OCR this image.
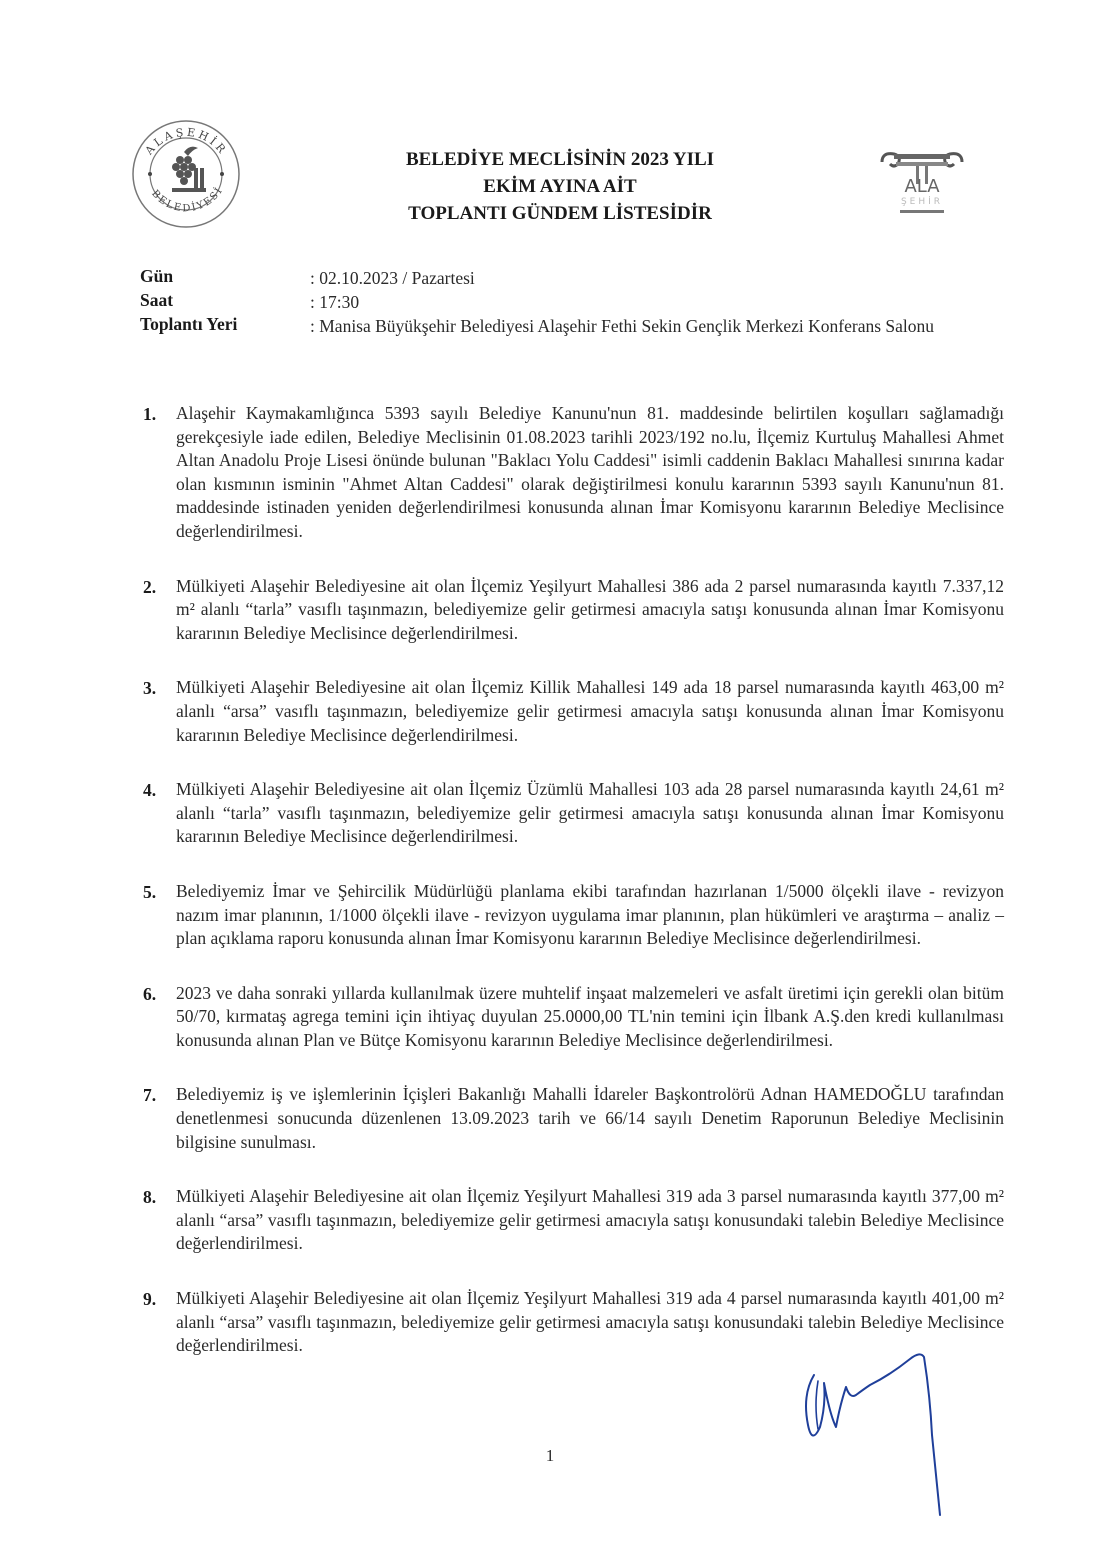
ALAŞEHİR
BELEDİYESİ	ALA
ŞEHİR
BELEDİYE MECLİSİNİN 2023 YILI
EKİM AYINA AİT
TOPLANTI GÜNDEM LİSTESİDİR
Gün	: 02.10.2023 / Pazartesi
Saat	: 17:30
Toplantı Yeri	: Manisa Büyükşehir Belediyesi Alaşehir Fethi Sekin Gençlik Merkezi Konferans Salonu
1. Alaşehir Kaymakamlığınca 5393 sayılı Belediye Kanunu'nun 81. maddesinde belirtilen koşulları sağlamadığı gerekçesiyle iade edilen, Belediye Meclisinin 01.08.2023 tarihli 2023/192 no.lu, İlçemiz Kurtuluş Mahallesi Ahmet Altan Anadolu Proje Lisesi önünde bulunan "Baklacı Yolu Caddesi" isimli caddenin Baklacı Mahallesi sınırına kadar olan kısmının isminin "Ahmet Altan Caddesi" olarak değiştirilmesi konulu kararının 5393 sayılı Kanunu'nun 81. maddesinde istinaden yeniden değerlendirilmesi konusunda alınan İmar Komisyonu kararının Belediye Meclisince değerlendirilmesi.
2. Mülkiyeti Alaşehir Belediyesine ait olan İlçemiz Yeşilyurt Mahallesi 386 ada 2 parsel numarasında kayıtlı 7.337,12 m² alanlı “tarla” vasıflı taşınmazın, belediyemize gelir getirmesi amacıyla satışı konusunda alınan İmar Komisyonu kararının Belediye Meclisince değerlendirilmesi.
3. Mülkiyeti Alaşehir Belediyesine ait olan İlçemiz Killik Mahallesi 149 ada 18 parsel numarasında kayıtlı 463,00 m² alanlı “arsa” vasıflı taşınmazın, belediyemize gelir getirmesi amacıyla satışı konusunda alınan İmar Komisyonu kararının Belediye Meclisince değerlendirilmesi.
4. Mülkiyeti Alaşehir Belediyesine ait olan İlçemiz Üzümlü Mahallesi 103 ada 28 parsel numarasında kayıtlı 24,61 m² alanlı “tarla” vasıflı taşınmazın, belediyemize gelir getirmesi amacıyla satışı konusunda alınan İmar Komisyonu kararının Belediye Meclisince değerlendirilmesi.
5. Belediyemiz İmar ve Şehircilik Müdürlüğü planlama ekibi tarafından hazırlanan 1/5000 ölçekli ilave - revizyon nazım imar planının, 1/1000 ölçekli ilave - revizyon uygulama imar planının, plan hükümleri ve araştırma – analiz – plan açıklama raporu konusunda alınan İmar Komisyonu kararının Belediye Meclisince değerlendirilmesi.
6. 2023 ve daha sonraki yıllarda kullanılmak üzere muhtelif inşaat malzemeleri ve asfalt üretimi için gerekli olan bitüm 50/70, kırmataş agrega temini için ihtiyaç duyulan 25.0000,00 TL'nin temini için İlbank A.Ş.den kredi kullanılması konusunda alınan Plan ve Bütçe Komisyonu kararının Belediye Meclisince değerlendirilmesi.
7. Belediyemiz iş ve işlemlerinin İçişleri Bakanlığı Mahalli İdareler Başkontrolörü Adnan HAMEDOĞLU tarafından denetlenmesi sonucunda düzenlenen 13.09.2023 tarih ve 66/14 sayılı Denetim Raporunun Belediye Meclisinin bilgisine sunulması.
8. Mülkiyeti Alaşehir Belediyesine ait olan İlçemiz Yeşilyurt Mahallesi 319 ada 3 parsel numarasında kayıtlı 377,00 m² alanlı “arsa” vasıflı taşınmazın, belediyemize gelir getirmesi amacıyla satışı konusundaki talebin Belediye Meclisince değerlendirilmesi.
9. Mülkiyeti Alaşehir Belediyesine ait olan İlçemiz Yeşilyurt Mahallesi 319 ada 4 parsel numarasında kayıtlı 401,00 m² alanlı “arsa” vasıflı taşınmazın, belediyemize gelir getirmesi amacıyla satışı konusundaki talebin Belediye Meclisince değerlendirilmesi.
1
